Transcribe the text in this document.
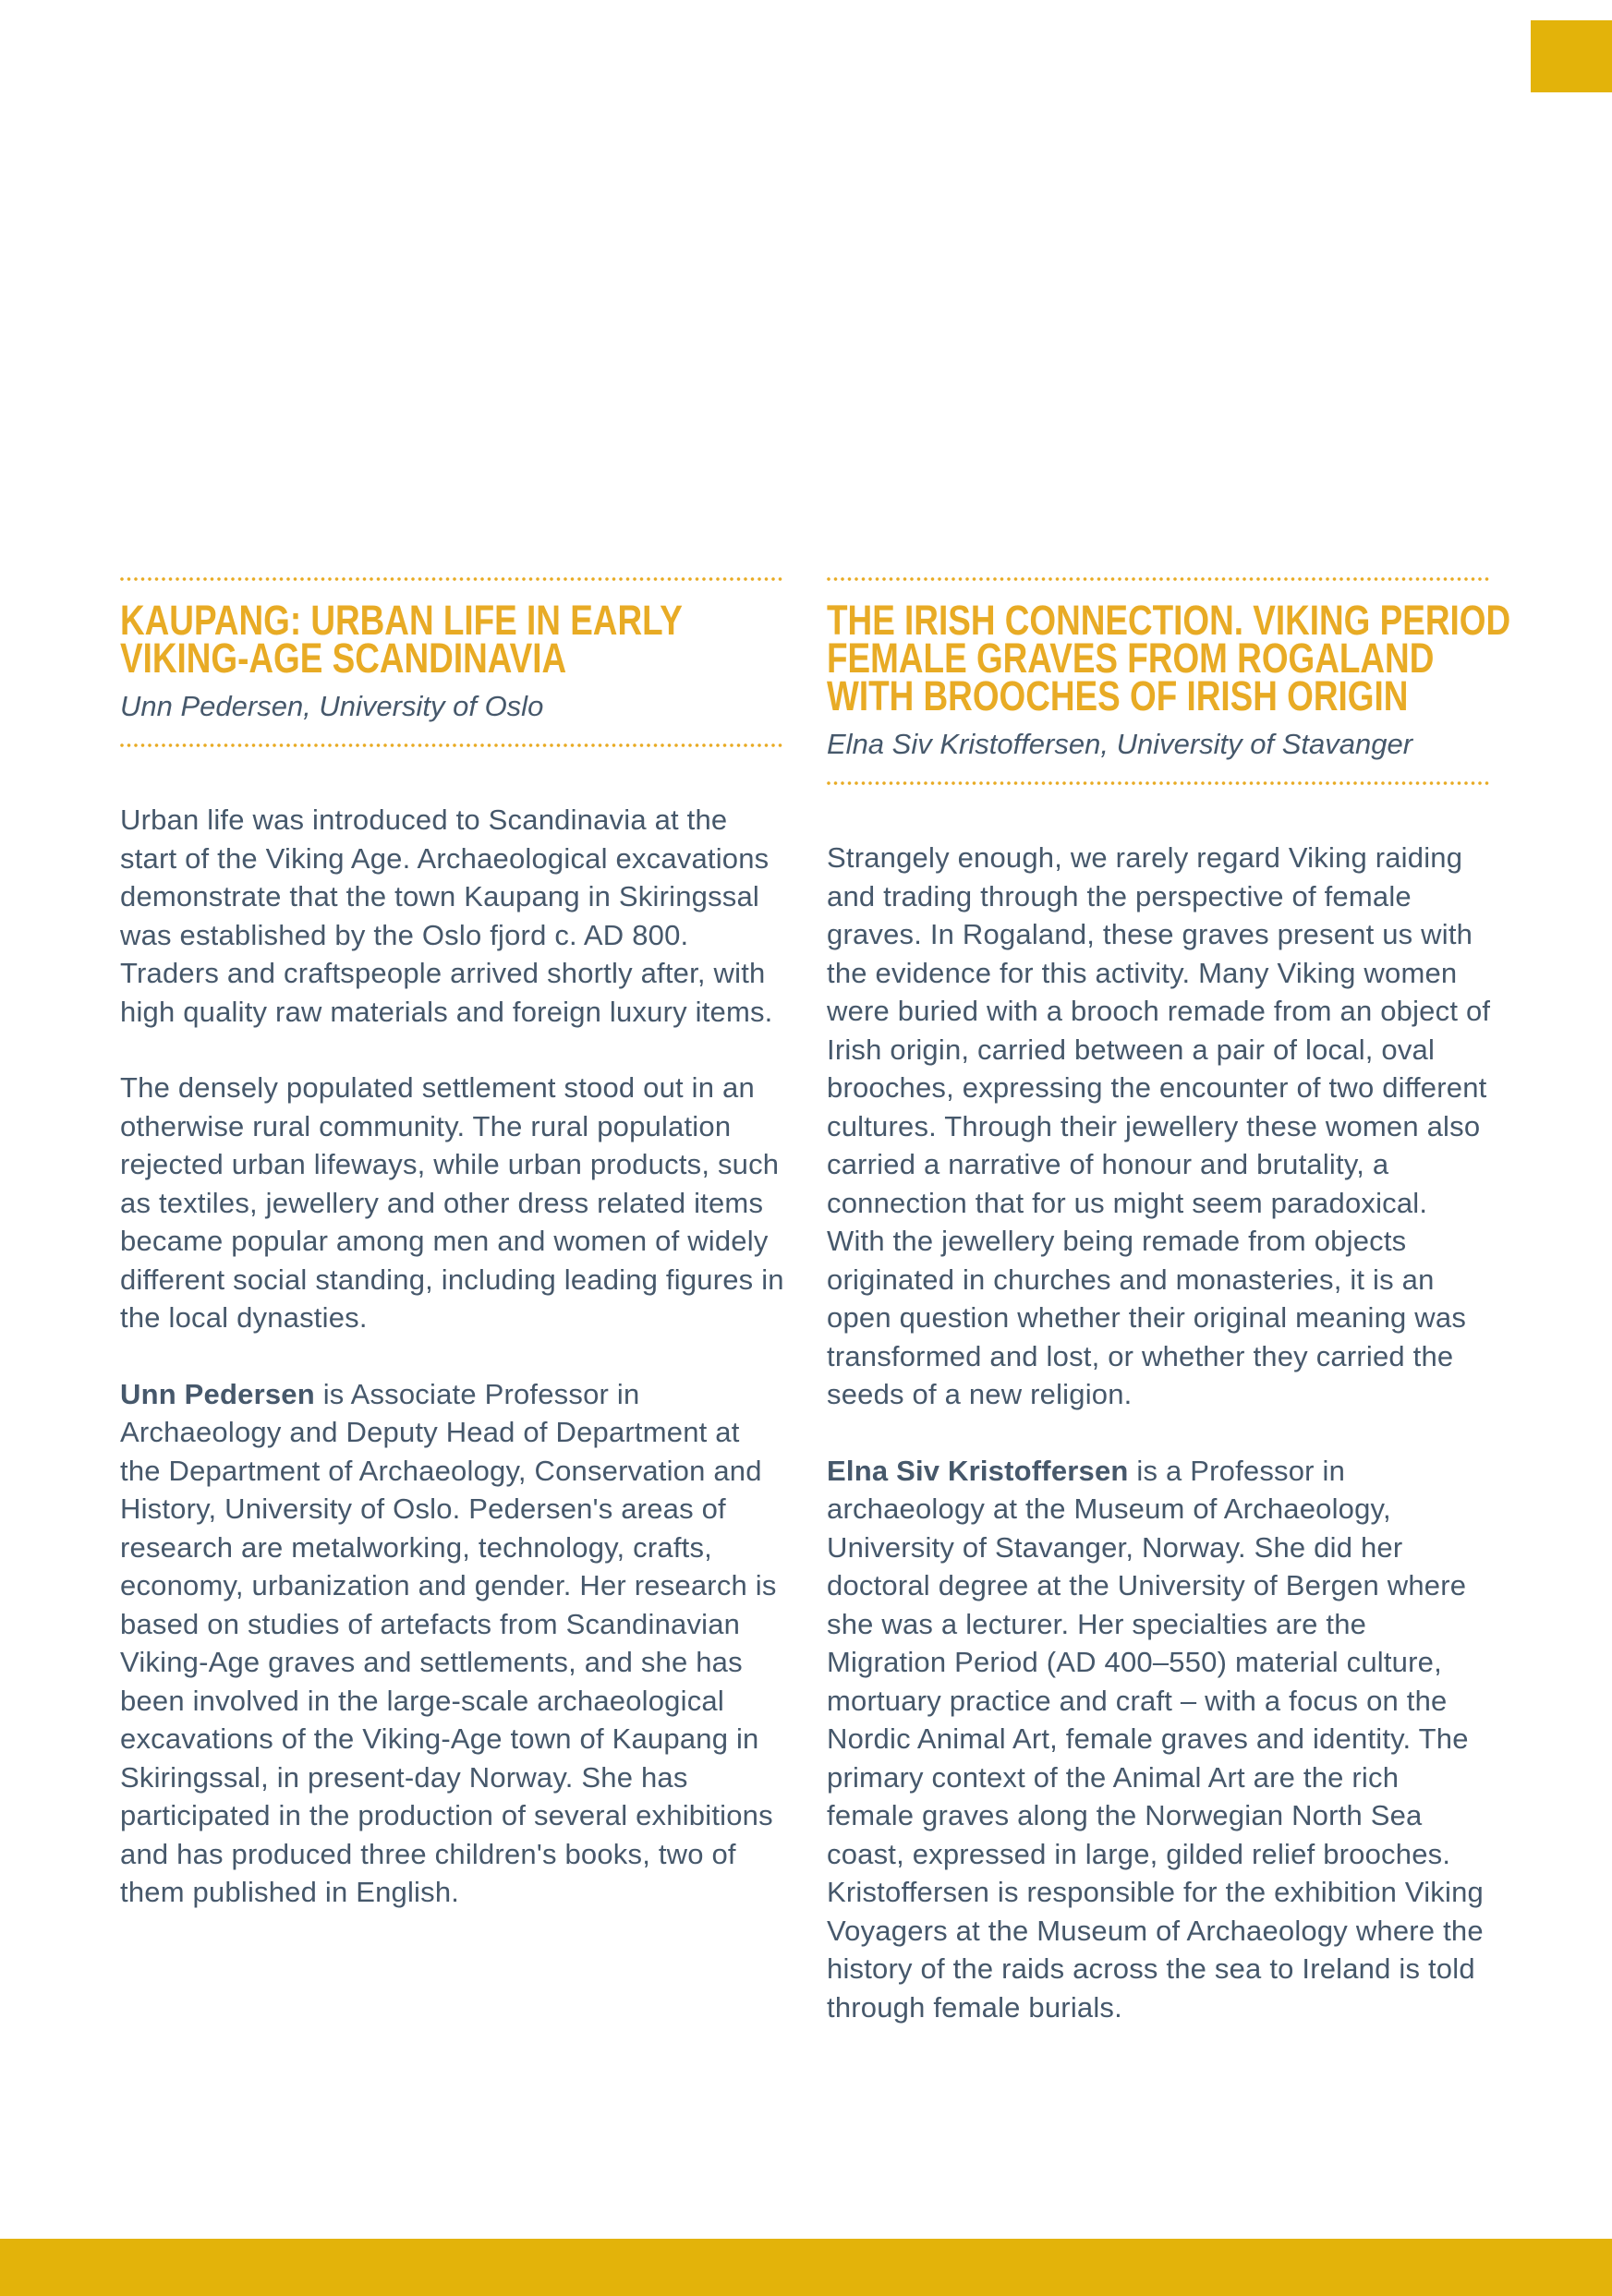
KAUPANG: URBAN LIFE IN EARLY
VIKING-AGE SCANDINAVIA

Unn Pedersen, University of Oslo

Urban life was introduced to Scandinavia at the start of the Viking Age. Archaeological excavations demonstrate that the town Kaupang in Skiringssal was established by the Oslo fjord c. AD 800. Traders and craftspeople arrived shortly after, with high quality raw materials and foreign luxury items.

The densely populated settlement stood out in an otherwise rural community. The rural population rejected urban lifeways, while urban products, such as textiles, jewellery and other dress related items became popular among men and women of widely different social standing, including leading figures in the local dynasties.

Unn Pedersen is Associate Professor in Archaeology and Deputy Head of Department at the Department of Archaeology, Conservation and History, University of Oslo. Pedersen's areas of research are metalworking, technology, crafts, economy, urbanization and gender. Her research is based on studies of artefacts from Scandinavian Viking-Age graves and settlements, and she has been involved in the large-scale archaeological excavations of the Viking-Age town of Kaupang in Skiringssal, in present-day Norway. She has participated in the production of several exhibitions and has produced three children's books, two of them published in English.

THE IRISH CONNECTION. VIKING PERIOD
FEMALE GRAVES FROM ROGALAND
WITH BROOCHES OF IRISH ORIGIN

Elna Siv Kristoffersen, University of Stavanger

Strangely enough, we rarely regard Viking raiding and trading through the perspective of female graves. In Rogaland, these graves present us with the evidence for this activity. Many Viking women were buried with a brooch remade from an object of Irish origin, carried between a pair of local, oval brooches, expressing the encounter of two different cultures. Through their jewellery these women also carried a narrative of honour and brutality, a connection that for us might seem paradoxical. With the jewellery being remade from objects originated in churches and monasteries, it is an open question whether their original meaning was transformed and lost, or whether they carried the seeds of a new religion.

Elna Siv Kristoffersen is a Professor in archaeology at the Museum of Archaeology, University of Stavanger, Norway. She did her doctoral degree at the University of Bergen where she was a lecturer. Her specialties are the Migration Period (AD 400–550) material culture, mortuary practice and craft – with a focus on the Nordic Animal Art, female graves and identity. The primary context of the Animal Art are the rich female graves along the Norwegian North Sea coast, expressed in large, gilded relief brooches. Kristoffersen is responsible for the exhibition Viking Voyagers at the Museum of Archaeology where the history of the raids across the sea to Ireland is told through female burials.
